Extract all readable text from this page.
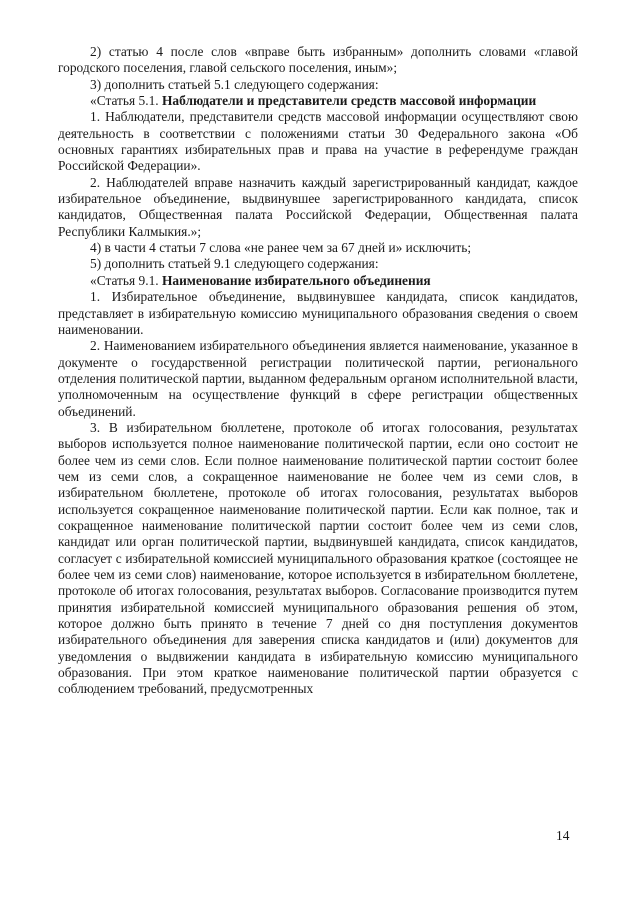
2) статью 4 после слов «вправе быть избранным» дополнить словами «главой городского поселения, главой сельского поселения, иным»;

3) дополнить статьей 5.1 следующего содержания:

«Статья 5.1. Наблюдатели и представители средств массовой информации

1. Наблюдатели, представители средств массовой информации осуществляют свою деятельность в соответствии с положениями статьи 30 Федерального закона «Об основных гарантиях избирательных прав и права на участие в референдуме граждан Российской Федерации».

2. Наблюдателей вправе назначить каждый зарегистрированный кандидат, каждое избирательное объединение, выдвинувшее зарегистрированного кандидата, список кандидатов, Общественная палата Российской Федерации, Общественная палата Республики Калмыкия.»;

4) в части 4 статьи 7 слова «не ранее чем за 67 дней и» исключить;

5) дополнить статьей 9.1 следующего содержания:

«Статья 9.1. Наименование избирательного объединения

1. Избирательное объединение, выдвинувшее кандидата, список кандидатов, представляет в избирательную комиссию муниципального образования сведения о своем наименовании.

2. Наименованием избирательного объединения является наименование, указанное в документе о государственной регистрации политической партии, регионального отделения политической партии, выданном федеральным органом исполнительной власти, уполномоченным на осуществление функций в сфере регистрации общественных объединений.

3. В избирательном бюллетене, протоколе об итогах голосования, результатах выборов используется полное наименование политической партии, если оно состоит не более чем из семи слов. Если полное наименование политической партии состоит более чем из семи слов, а сокращенное наименование не более чем из семи слов, в избирательном бюллетене, протоколе об итогах голосования, результатах выборов используется сокращенное наименование политической партии. Если как полное, так и сокращенное наименование политической партии состоит более чем из семи слов, кандидат или орган политической партии, выдвинувшей кандидата, список кандидатов, согласует с избирательной комиссией муниципального образования краткое (состоящее не более чем из семи слов) наименование, которое используется в избирательном бюллетене, протоколе об итогах голосования, результатах выборов. Согласование производится путем принятия избирательной комиссией муниципального образования решения об этом, которое должно быть принято в течение 7 дней со дня поступления документов избирательного объединения для заверения списка кандидатов и (или) документов для уведомления о выдвижении кандидата в избирательную комиссию муниципального образования. При этом краткое наименование политической партии образуется с соблюдением требований, предусмотренных

14
